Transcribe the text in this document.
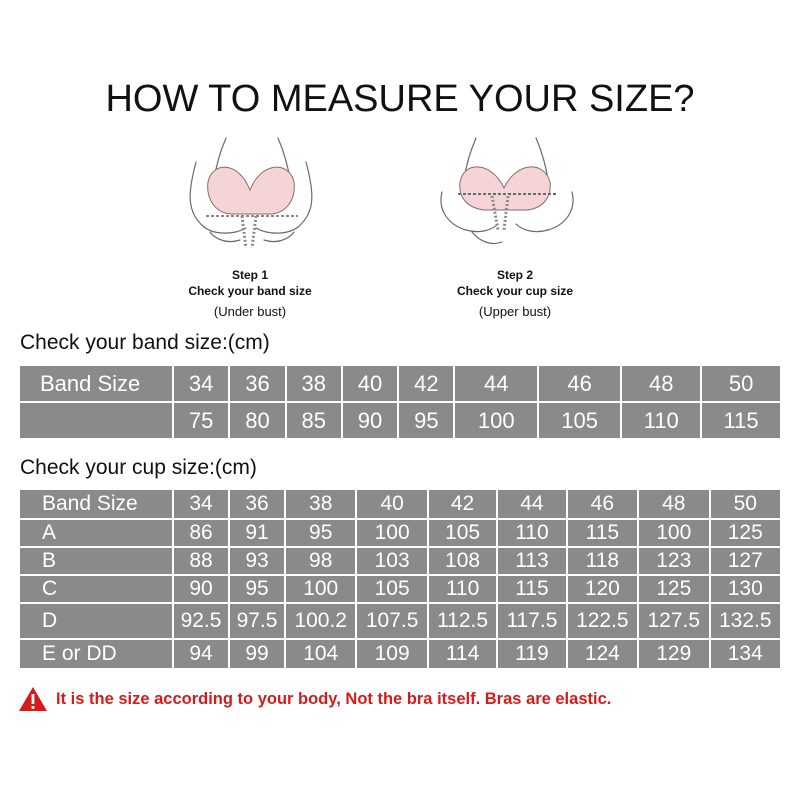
HOW TO MEASURE YOUR SIZE?
Step 1
Check your band size
(Under bust)
Step 2
Check your cup size
(Upper bust)
Check your band size:(cm)
Band Size	34	36	38	40	42	44	46	48	50
	75	80	85	90	95	100	105	110	115
Check your cup size:(cm)
Band Size	34	36	38	40	42	44	46	48	50
A	86	91	95	100	105	110	115	100	125
B	88	93	98	103	108	113	118	123	127
C	90	95	100	105	110	115	120	125	130
D	92.5	97.5	100.2	107.5	112.5	117.5	122.5	127.5	132.5
E or DD	94	99	104	109	114	119	124	129	134
It is the size according to your body, Not the bra itself. Bras are elastic.
